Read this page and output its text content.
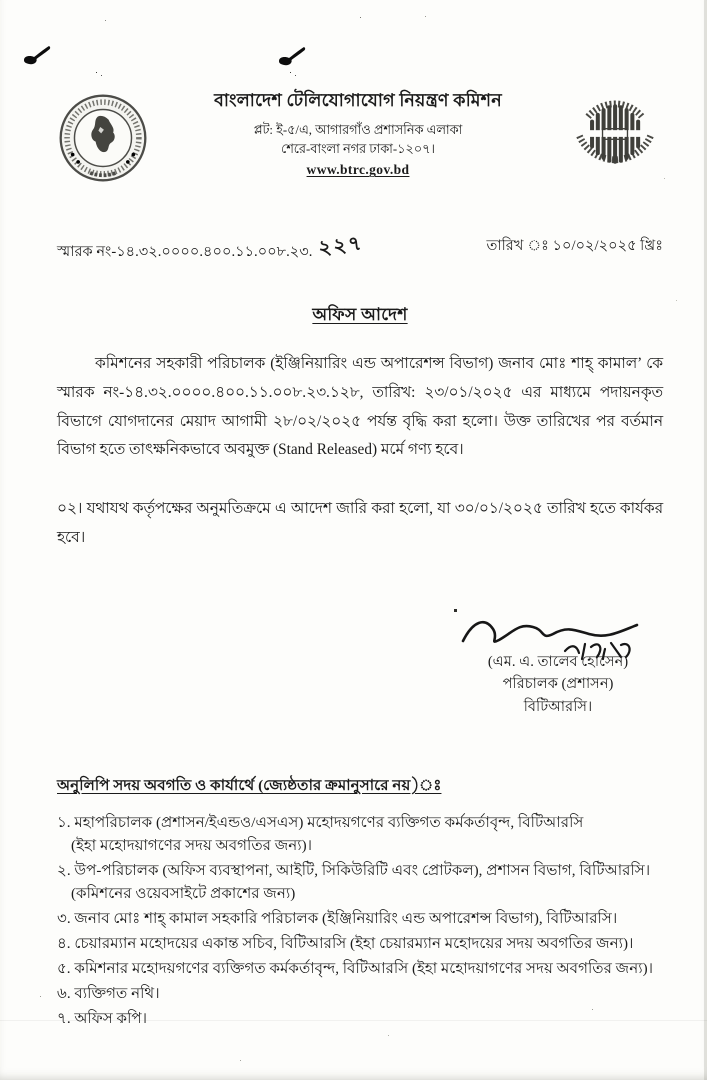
বাংলাদেশ টেলিযোগাযোগ নিয়ন্ত্রণ কমিশন
প্লট: ই-৫/এ, আগারগাঁও প্রশাসনিক এলাকা
শেরে-বাংলা নগর ঢাকা-১২০৭।
www.btrc.gov.bd
স্মারক নং-১৪.৩২.০০০০.৪০০.১১.০০৮.২৩. ২২৭	তারিখ ঃ ১০/০২/২০২৫ খ্রিঃ
অফিস আদেশ

কমিশনের সহকারী পরিচালক (ইঞ্জিনিয়ারিং এন্ড অপারেশন্স বিভাগ) জনাব মোঃ শাহ্ কামাল’ কে স্মারক নং-১৪.৩২.০০০০.৪০০.১১.০০৮.২৩.১২৮, তারিখ: ২৩/০১/২০২৫ এর মাধ্যমে পদায়নকৃত বিভাগে যোগদানের মেয়াদ আগামী ২৮/০২/২০২৫ পর্যন্ত বৃদ্ধি করা হলো। উক্ত তারিখের পর বর্তমান বিভাগ হতে তাৎক্ষনিকভাবে অবমুক্ত (Stand Released) মর্মে গণ্য হবে।

০২। যথাযথ কর্তৃপক্ষের অনুমতিক্রমে এ আদেশ জারি করা হলো, যা ৩০/০১/২০২৫ তারিখ হতে কার্যকর হবে।

(এম. এ. তালেব হোসেন)
পরিচালক (প্রশাসন)
বিটিআরসি।
অনুলিপি সদয় অবগতি ও কার্যার্থে (জ্যেষ্ঠতার ক্রমানুসারে নয়)ঃ
১. মহাপরিচালক (প্রশাসন/ইএন্ডও/এসএস) মহোদয়গণের ব্যক্তিগত কর্মকর্তাবৃন্দ, বিটিআরসি
(ইহা মহোদয়াগণের সদয় অবগতির জন্য)।
২. উপ-পরিচালক (অফিস ব্যবস্থাপনা, আইটি, সিকিউরিটি এবং প্রোটকল), প্রশাসন বিভাগ, বিটিআরসি।
(কমিশনের ওয়েবসাইটে প্রকাশের জন্য)
৩. জনাব মোঃ শাহ্ কামাল সহকারি পরিচালক (ইঞ্জিনিয়ারিং এন্ড অপারেশন্স বিভাগ), বিটিআরসি।
৪. চেয়ারম্যান মহোদয়ের একান্ত সচিব, বিটিআরসি (ইহা চেয়ারম্যান মহোদয়ের সদয় অবগতির জন্য)।
৫. কমিশনার মহোদয়গণের ব্যক্তিগত কর্মকর্তাবৃন্দ, বিটিআরসি (ইহা মহোদয়াগণের সদয় অবগতির জন্য)।
৬. ব্যক্তিগত নথি।
৭. অফিস কপি।
